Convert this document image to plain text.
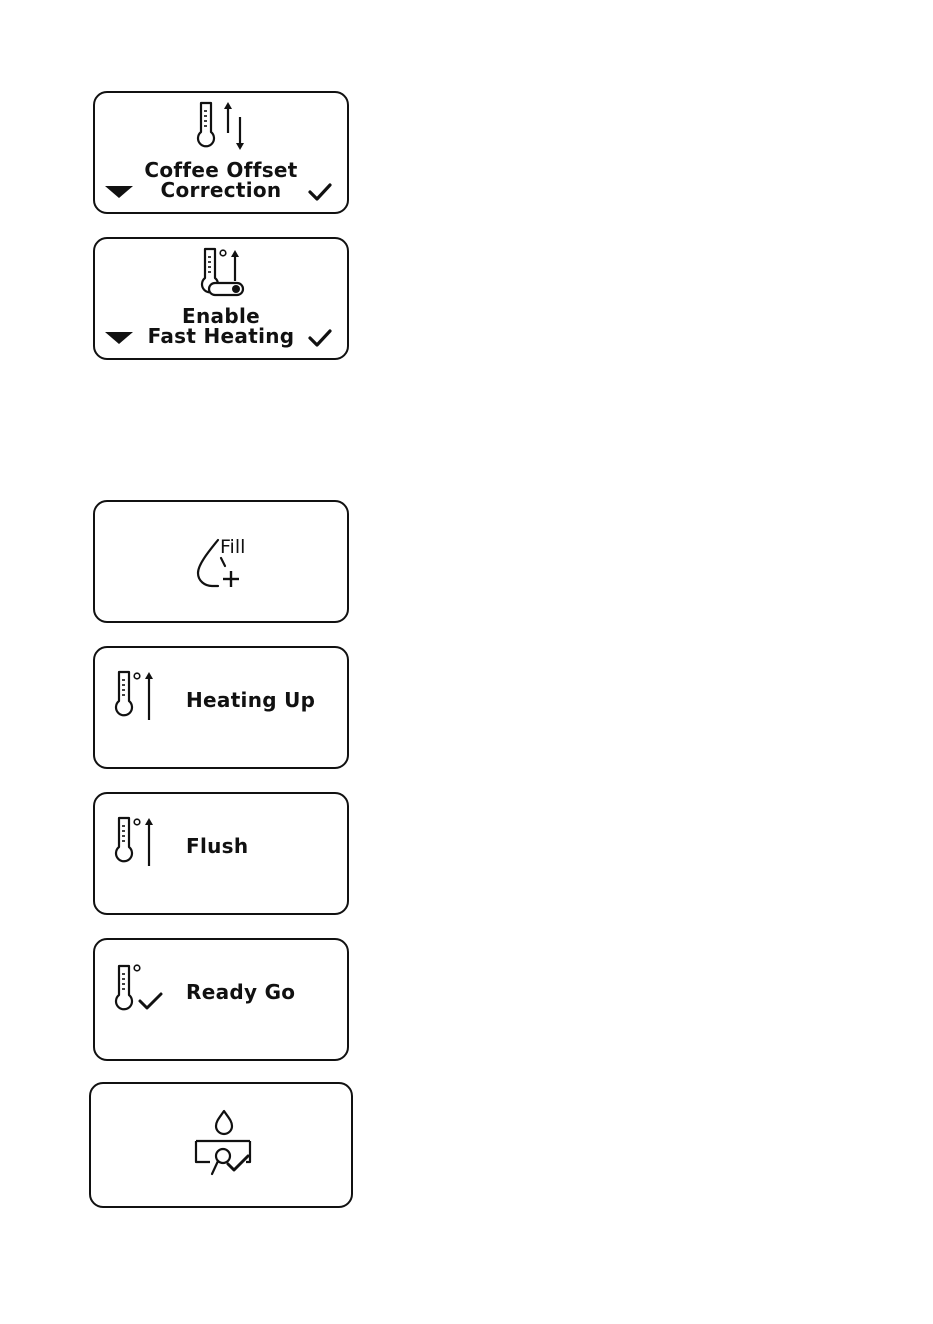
Coffee Offset
Correction
Enable
Fast Heating
Fill
Heating Up
Flush
Ready Go
